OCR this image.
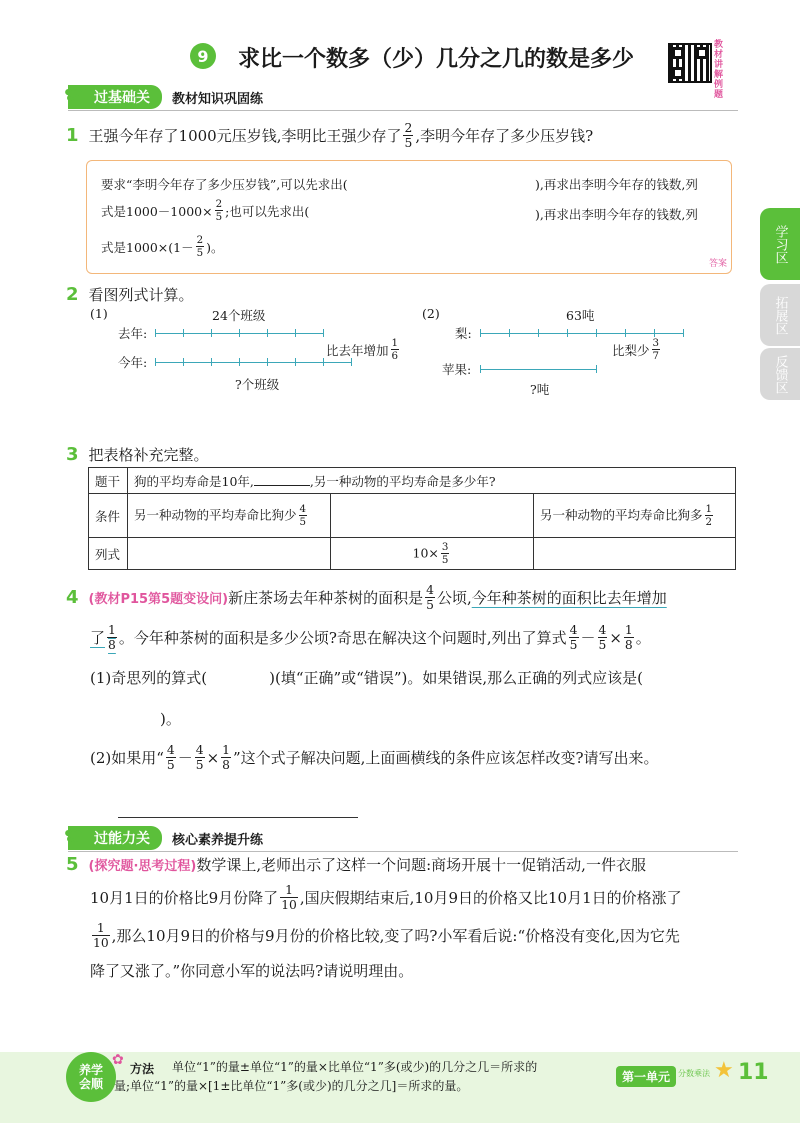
9	求比一个数多（少）几分之几的数是多少
教材讲解例题
✿ 过基础关	教材知识巩固练
1 王强今年存了1000元压岁钱,李明比王强少存了 $\frac{2}{5}$ ,李明今年存了多少压岁钱?
要求“李明今年存了多少压岁钱”,可以先求出(	),再求出李明今年存的钱数,列
式是$1000-1000\times \frac{2}{5}$ ;也可以先求出(	),再求出李明今年存的钱数,列
式是$1000\times(1- \frac{2}{5}$ )。
答案
2 看图列式计算。
(1)	24个班级
去年:
今年:
比去年增加 $\frac{1}{6}$
?个班级
(2)	63吨
梨:
苹果:
比梨少 $\frac{3}{7}$
?吨
3 把表格补充完整。
题干	狗的平均寿命是10年, ,另一种动物的平均寿命是多少年?		
条件	另一种动物的平均寿命比狗少 $\frac{4}{5}$		另一种动物的平均寿命比狗多 $\frac{1}{2}$

列式		$10\times \frac{3}{5}$

4 (教材P15第5题变设问) 新庄茶场去年种茶树的面积是 $\frac{4}{5}$ 公顷, 今年种茶树的面积比去年增加
了 $\frac{1}{8}$ 。今年种茶树的面积是多少公顷?奇思在解决这个问题时,列出了算式 $\frac{4}{5} - \frac{4}{5} \times \frac{1}{8}$ 。
(1)奇思列的算式(	)(填“正确”或“错误”)。如果错误,那么正确的列式应该是(
)。
(2)如果用“ $\frac{4}{5} - \frac{4}{5} \times \frac{1}{8}$ ”这个式子解决问题,上面画横线的条件应该怎样改变?请写出来。
✿ 过能力关	核心素养提升练
5 (探究题·思考过程) 数学课上,老师出示了这样一个问题:商场开展十一促销活动,一件衣服
10月1日的价格比9月份降了 $\frac{1}{10}$ ,国庆假期结束后,10月9日的价格又比10月1日的价格涨了
$\frac{1}{10}$ ,那么10月9日的价格与9月份的价格比较,变了吗?小军看后说:“价格没有变化,因为它先
降了又涨了。”你同意小军的说法吗?请说明理由。
学习区
拓展区
反馈区
养学
会顺
✿
方法 单位“1”的量±单位“1”的量×比单位“1”多(或少)的几分之几＝所求的
量;单位“1”的量×[1±比单位“1”多(或少)的几分之几]＝所求的量。
第一单元 分数乘法 ★ 11
